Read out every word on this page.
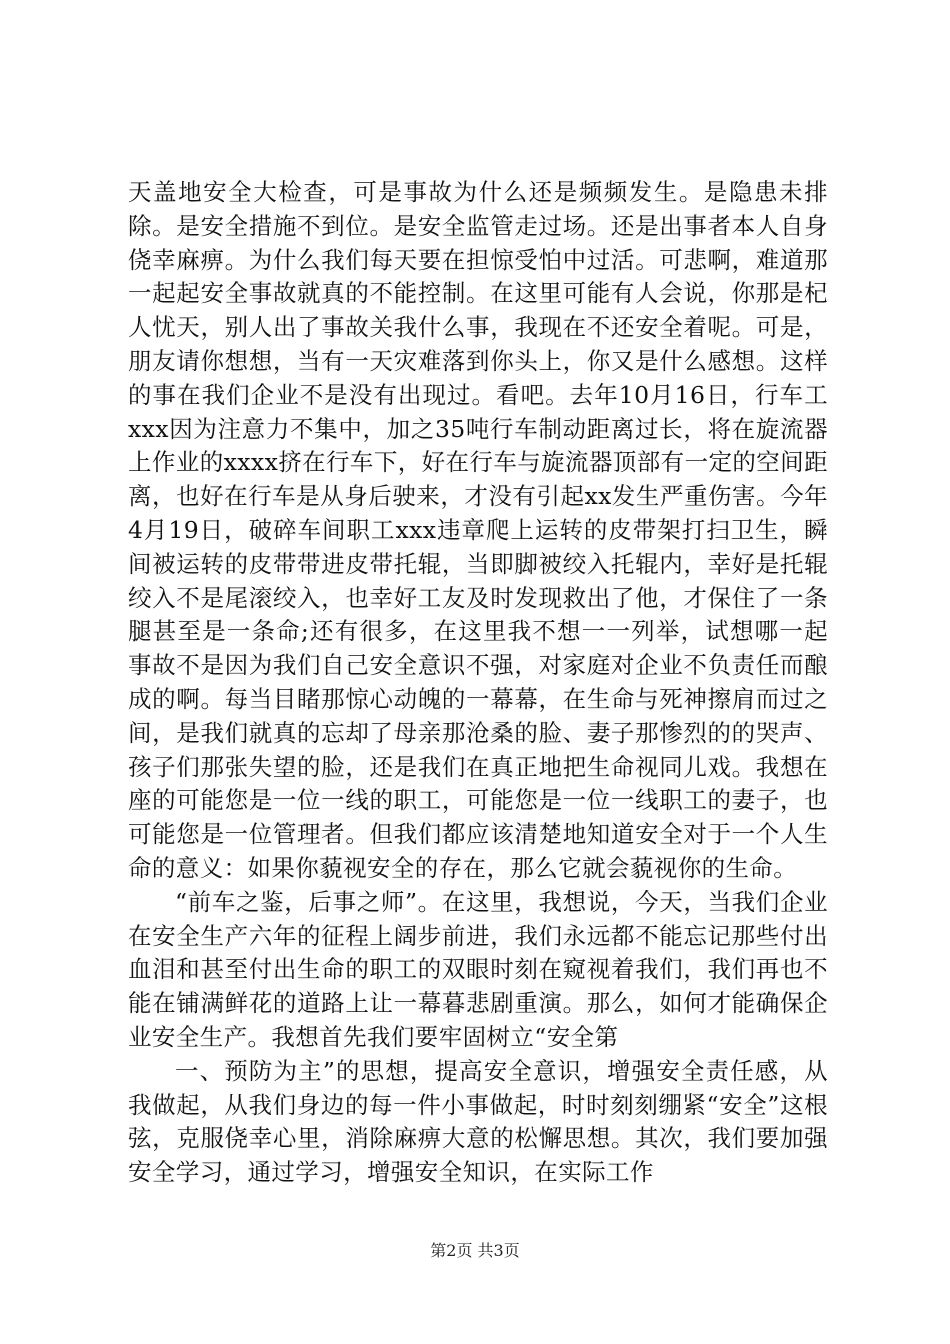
天盖地安全大检查，可是事故为什么还是频频发生。是隐患未排除。是安全措施不到位。是安全监管走过场。还是出事者本人自身侥幸麻痹。为什么我们每天要在担惊受怕中过活。可悲啊，难道那一起起安全事故就真的不能控制。在这里可能有人会说，你那是杞人忧天，别人出了事故关我什么事，我现在不还安全着呢。可是，朋友请你想想，当有一天灾难落到你头上，你又是什么感想。这样的事在我们企业不是没有出现过。看吧。去年10月16日，行车工xxx因为注意力不集中，加之35吨行车制动距离过长，将在旋流器上作业的xxxx挤在行车下，好在行车与旋流器顶部有一定的空间距离，也好在行车是从身后驶来，才没有引起xx发生严重伤害。今年4月19日，破碎车间职工xxx违章爬上运转的皮带架打扫卫生，瞬间被运转的皮带带进皮带托辊，当即脚被绞入托辊内，幸好是托辊绞入不是尾滚绞入，也幸好工友及时发现救出了他，才保住了一条腿甚至是一条命;还有很多，在这里我不想一一列举，试想哪一起事故不是因为我们自己安全意识不强，对家庭对企业不负责任而酿成的啊。每当目睹那惊心动魄的一幕幕，在生命与死神擦肩而过之间，是我们就真的忘却了母亲那沧桑的脸、妻子那惨烈的的哭声、孩子们那张失望的脸，还是我们在真正地把生命视同儿戏。我想在座的可能您是一位一线的职工，可能您是一位一线职工的妻子，也可能您是一位管理者。但我们都应该清楚地知道安全对于一个人生命的意义：如果你藐视安全的存在，那么它就会藐视你的生命。

“前车之鉴，后事之师”。在这里，我想说，今天，当我们企业在安全生产六年的征程上阔步前进，我们永远都不能忘记那些付出血泪和甚至付出生命的职工的双眼时刻在窥视着我们，我们再也不能在铺满鲜花的道路上让一幕暮悲剧重演。那么，如何才能确保企业安全生产。我想首先我们要牢固树立“安全第

一、预防为主”的思想，提高安全意识，增强安全责任感，从我做起，从我们身边的每一件小事做起，时时刻刻绷紧“安全”这根弦，克服侥幸心里，消除麻痹大意的松懈思想。其次，我们要加强安全学习，通过学习，增强安全知识，在实际工作

第2页 共3页
